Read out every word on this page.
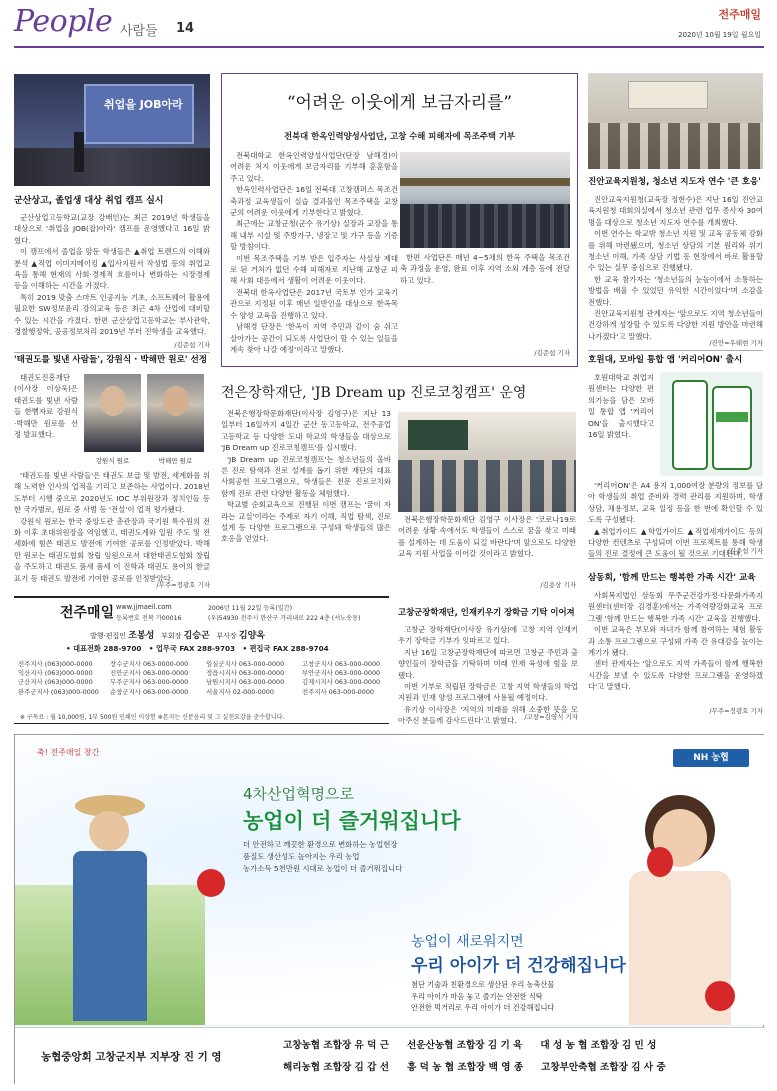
People 사람들 14
전주매일
2020년 10월 19일 월요일
취업을 JOB아라
군산상고, 졸업생 대상 취업 캠프 실시

군산상업고등학교(교장 강배인)는 최근 2019년 학생들을 대상으로 '취업을 JOB(잡)아라' 캠프를 운영했다고 16일 밝혔다.

이 캠프에서 졸업을 앞둔 학생들은 ▲취업 트렌드의 이해와 분석 ▲직업 이미지메이킹 ▲입사지원서 작성법 등의 취업교육을 통해 현재의 사회·경제적 흐름이나 변화하는 시장경제 등을 이해하는 시간을 가졌다.

특히 2019 맞춤 스마트 인공지능 기초, 소프트웨어 활용에 필요한 SW정보윤리 강의교육 등은 최근 4차 산업에 대비할 수 있는 시간을 가졌다. 한편 군산상업고등학교는 부사관학, 경찰행정학, 공공정보처리 2019년 부터 진학생을 교육했다.

/김준섭 기자
'태권도를 빛낸 사람들', 강원식 · 박해만 원로' 선정

태권도진흥재단(이사장 이상욱)은 태권도를 빛낸 사람들 한뼘자료 강원식·박해만 원로를 선정 발표했다.

강원식 원로	박해만 원로

'태권도를 빛낸 사람들'은 태권도 보급 및 발전, 세계화를 위해 노력한 인사의 업적을 기리고 보존하는 사업이다. 2018년도부터 시행 중으로 2020년도 IOC 부위원장과 정치인들 등 한 국가별로, 원로 중 사범 등 '전설'이 업적 평가됐다.

강원식 원로는 한국 중앙도관 총관장과 국기원 특수원의 전화 이후 초대위원장을 역임했고, 태권도계와 일원 주도 및 전세화에 힘쓴 태권도 발전에 기여한 공로를 인정받았다. 박해만 원로는 태권도협회 창립 임원으로서 대한태권도협회 창립을 주도하고 태권도 품새 품세 이 진학과 태권도 용어의 한글 표기 등 태권도 발전에 기여한 공로를 인정받았다.

/무주=정광호 기자
“어려운 이웃에게 보금자리를”
전북대 한옥인력양성사업단, 고창 수해 피해자에 목조주택 기부

전북대학교 한옥인력양성사업단(단장 남해경)이 어려운 처지 이웃에게 보금자리를 기부해 훈훈함을 주고 있다.

한옥인력사업단은 16일 전북대 고창캠퍼스 목조건축과정 교육생들이 실습 결과물인 목조주택을 교창군의 어려운 이웃에게 기부한다고 밝혔다.

최근에는 교창군청(군수 유기상) 실장과 교장을 통해 내부 시설 및 주방가구, 냉장고 및 가구 등을 기증할 방침이다.

이번 목조주택을 기부 받은 입주자는 사실상 제대로 된 거처가 없던 수해 피해자로 지난해 교창군 피해 사회 대응에서 생활이 어려운 이웃이다.

전북대 한옥사업단은 2017년 국토부 인가 교육기관으로 지정된 이후 매년 일반인을 대상으로 한옥목수 양성 교육을 진행하고 있다.

남해경 단장은 '한옥이 지역 주민과 같이 숨 쉬고 살아가는 공간이 되도록 사업단이 할 수 있는 일들을 계속 찾아 나갈 예정'이라고 말했다.

한편 사업단은 매년 4~5채의 한옥 주택을 목조건축 과정을 운영, 완료 이후 지역 소외 계층 등에 전달하고 있다.

/김준섭 기자
전은장학재단, 'JB Dream up 진로코칭캠프' 운영

전북은행장학문화재단(이사장 김영구)은 지난 13일부터 16일까지 4일간 군산 동고등학교, 전주공업고등학교 등 다양한 도내 학교의 학생들을 대상으로 'JB Dream up 진로코칭캠프'를 실시했다.

'JB Dream up 진로코칭캠프'는 청소년들의 올바른 진로 탐색과 진로 설계를 돕기 위한 재단의 대표 사회공헌 프로그램으로, 학생들은 전문 진로코치와 함께 진로 관련 다양한 활동을 체험했다.

학교별 순회교육으로 진행된 이번 캠프는 '꿈이 자라는 교실'이라는 주제로 자기 이해, 직업 탐색, 진로 설계 등 다양한 프로그램으로 구성돼 학생들의 많은 호응을 얻었다.

전북은행장학문화재단 김영구 이사장은 '코로나19로 어려운 상황 속에서도 학생들이 스스로 꿈을 찾고 미래를 설계하는 데 도움이 되길 바란다'며 앞으로도 다양한 교육 지원 사업을 이어갈 것이라고 밝혔다.

/김용상 기자
진안교육지원청, 청소년 지도자 연수 '큰 호응'

진안교육지원청(교육장 정현수)은 지난 16일 진안교육지원청 대회의실에서 청소년 관련 업무 종사자 30여명을 대상으로 청소년 지도자 연수를 개최했다.

이번 연수는 학교밖 청소년 지원 및 교육 공동체 강화를 위해 마련됐으며, 청소년 상담의 기본 원리와 위기 청소년 이해, 가족 상담 기법 등 현장에서 바로 활용할 수 있는 실무 중심으로 진행됐다.

한 교육 참가자는 '청소년들의 눈높이에서 소통하는 방법을 배울 수 있었던 유익한 시간이었다'며 소감을 전했다.

진안교육지원청 관계자는 '앞으로도 지역 청소년들이 건강하게 성장할 수 있도록 다양한 지원 방안을 마련해 나가겠다'고 말했다.

/진안=우태현 기자
호원대, 모바일 통합 앱 '커리어ON' 출시

호원대학교 취업지원센터는 다양한 편의기능을 담은 모바일 통합 앱 '커리어ON'을 출시했다고 16일 밝혔다.

'커리어ON'은 A4 용지 1,000여장 분량의 정보를 담아 학생들의 취업 준비와 경력 관리를 지원하며, 학생 상담, 채용정보, 교육 일정 등을 한 번에 확인할 수 있도록 구성됐다.

▲취업가이드 ▲학업가이드 ▲직업세계가이드 등의 다양한 컨텐츠로 구성되며 이번 프로젝트를 통해 학생들의 진로 결정에 큰 도움이 될 것으로 기대된다.

/김준섭 기자
삼동회, '함께 만드는 행복한 가족 시간' 교육

사회복지법인 삼동회 무주군건강가정·다문화가족지원센터(센터장 김경훈)에서는 가족역량강화교육 프로그램 '함께 만드는 행복한 가족 시간' 교육을 진행했다.

이번 교육은 부모와 자녀가 함께 참여하는 체험 활동과 소통 프로그램으로 구성돼 가족 간 유대감을 높이는 계기가 됐다.

센터 관계자는 '앞으로도 지역 가족들이 함께 행복한 시간을 보낼 수 있도록 다양한 프로그램을 운영하겠다'고 말했다.

/무주=정광호 기자
전주매일 www.jjmaeil.com
등록번호 전북 가00016
2006년 11월 22일 등록(일간)
(우)54930 전주시 완산구 가리내로 222 4층 (서노송동)
발행·편집인 조봉성 부회장 김승곤 부사장 김양옥
• 대표전화 288-9700 • 업무국 FAX 288-9703 • 편집국 FAX 288-9704
전주지사 (063)000-0000	장수군지사 063-0000-000	임실군지사 063-000-0000	고창군지사 063-000-0000
익산지사 (063)000-0000	진안군지사 063-000-0000	정읍시지사 063-000-0000	부안군지사 063-000-0000
군산지사 (063)000-0000	무주군지사 063-000-0000	남원시지사 063-000-0000	김제시지사 063-000-0000
완주군지사 (063)000-0000	순창군지사 063-000-0000	서울지사 02-000-0000	전주지사 063-000-0000
※ 구독료 : 월 10,000원, 1부 500원 인쇄인 이상헌 ※본지는 신문윤리 및 그 실천요강을 준수합니다.
고창군장학재단, 인재키우기 장학금 기탁 이어져

고창군 장학재단(이사장 유기상)에 고창 지역 인재키우기 장학금 기부가 잇따르고 있다.

지난 16일 고창군장학재단에 따르면 고창군 주민과 출향인들이 장학금을 기탁하며 미래 인재 육성에 힘을 보탰다.

이번 기부로 적립된 장학금은 고창 지역 학생들의 학업 지원과 인재 양성 프로그램에 사용될 예정이다.

유기상 이사장은 '지역의 미래를 위해 소중한 뜻을 모아주신 분들께 감사드린다'고 밝혔다.	/고창=김영식 기자
축! 전주매일 창간
NH 농협
4차산업혁명으로
농업이 더 즐거워집니다
더 안전하고 깨끗한 환경으로 변화하는 농업현장
품질도 생산성도 높아지는 우리 농업
농가소득 5천만원 시대로 농업이 더 즐거워집니다
농업이 새로워지면
우리 아이가 더 건강해집니다
첨단 기술과 친환경으로 생산된 우리 농축산물
우리 아이가 마음 놓고 즐기는 안전한 식탁
안전한 먹거리로 우리 아이가 더 건강해집니다
농협중앙회 고창군지부 지부장 진 기 영
고창농협 조합장 유 덕 근 선운산농협 조합장 김 기 육 대 성 농 협 조합장 김 민 성
해리농협 조합장 김 갑 선 흥 덕 농 협 조합장 백 영 종 고창부안축협 조합장 김 사 중
